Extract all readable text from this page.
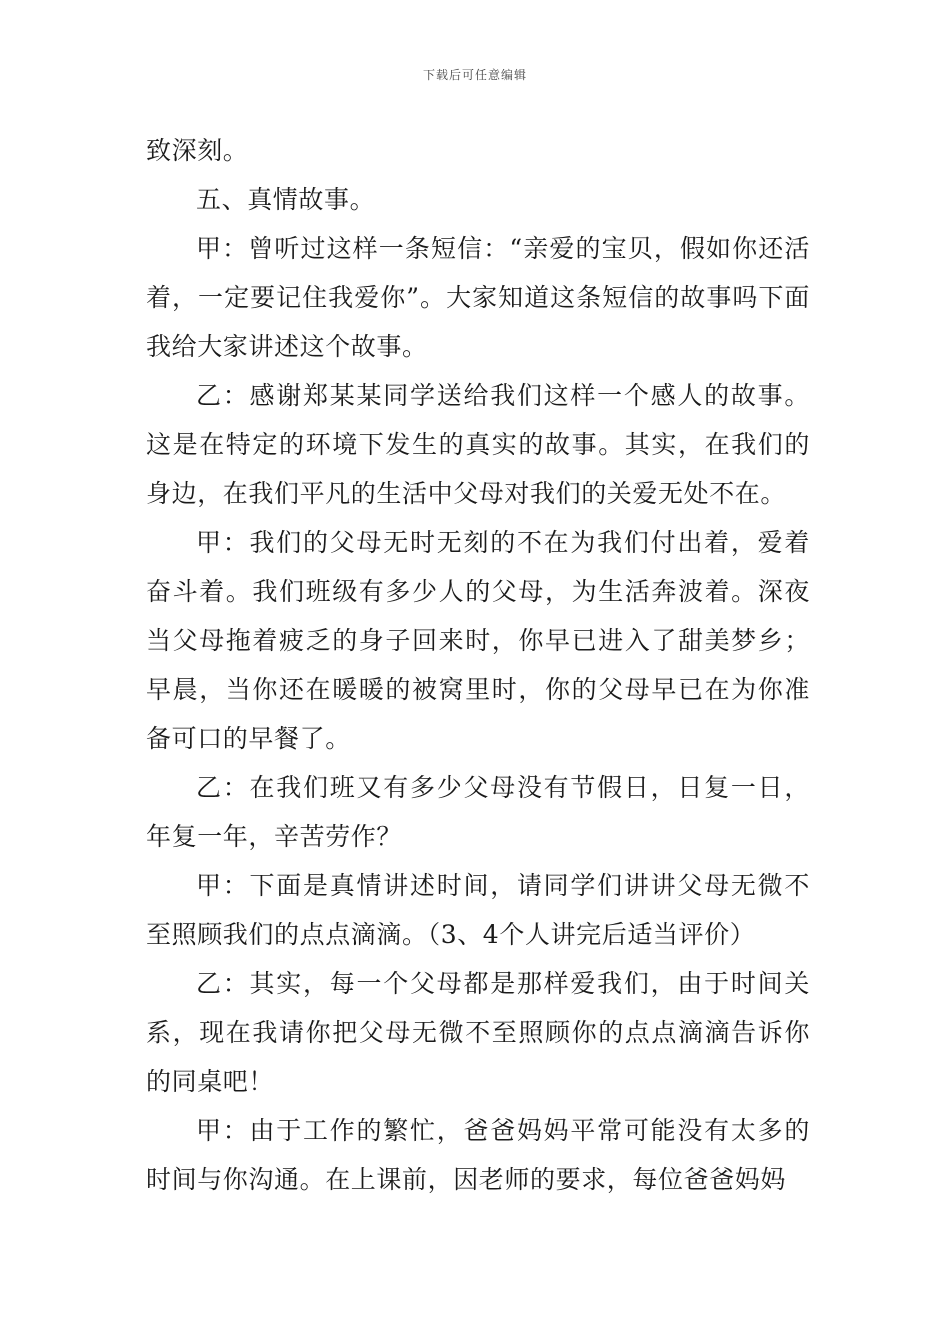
下载后可任意编辑

致深刻。

五、真情故事。

甲：曾听过这样一条短信：“亲爱的宝贝，假如你还活着，一定要记住我爱你”。大家知道这条短信的故事吗下面我给大家讲述这个故事。

乙：感谢郑某某同学送给我们这样一个感人的故事。这是在特定的环境下发生的真实的故事。其实，在我们的身边，在我们平凡的生活中父母对我们的关爱无处不在。

甲：我们的父母无时无刻的不在为我们付出着，爱着奋斗着。我们班级有多少人的父母，为生活奔波着。深夜当父母拖着疲乏的身子回来时，你早已进入了甜美梦乡；早晨，当你还在暖暖的被窝里时，你的父母早已在为你准备可口的早餐了。

乙：在我们班又有多少父母没有节假日，日复一日，年复一年，辛苦劳作？

甲：下面是真情讲述时间，请同学们讲讲父母无微不至照顾我们的点点滴滴。（3、4个人讲完后适当评价）

乙：其实，每一个父母都是那样爱我们，由于时间关系，现在我请你把父母无微不至照顾你的点点滴滴告诉你的同桌吧！

甲：由于工作的繁忙，爸爸妈妈平常可能没有太多的时间与你沟通。在上课前，因老师的要求，每位爸爸妈妈
